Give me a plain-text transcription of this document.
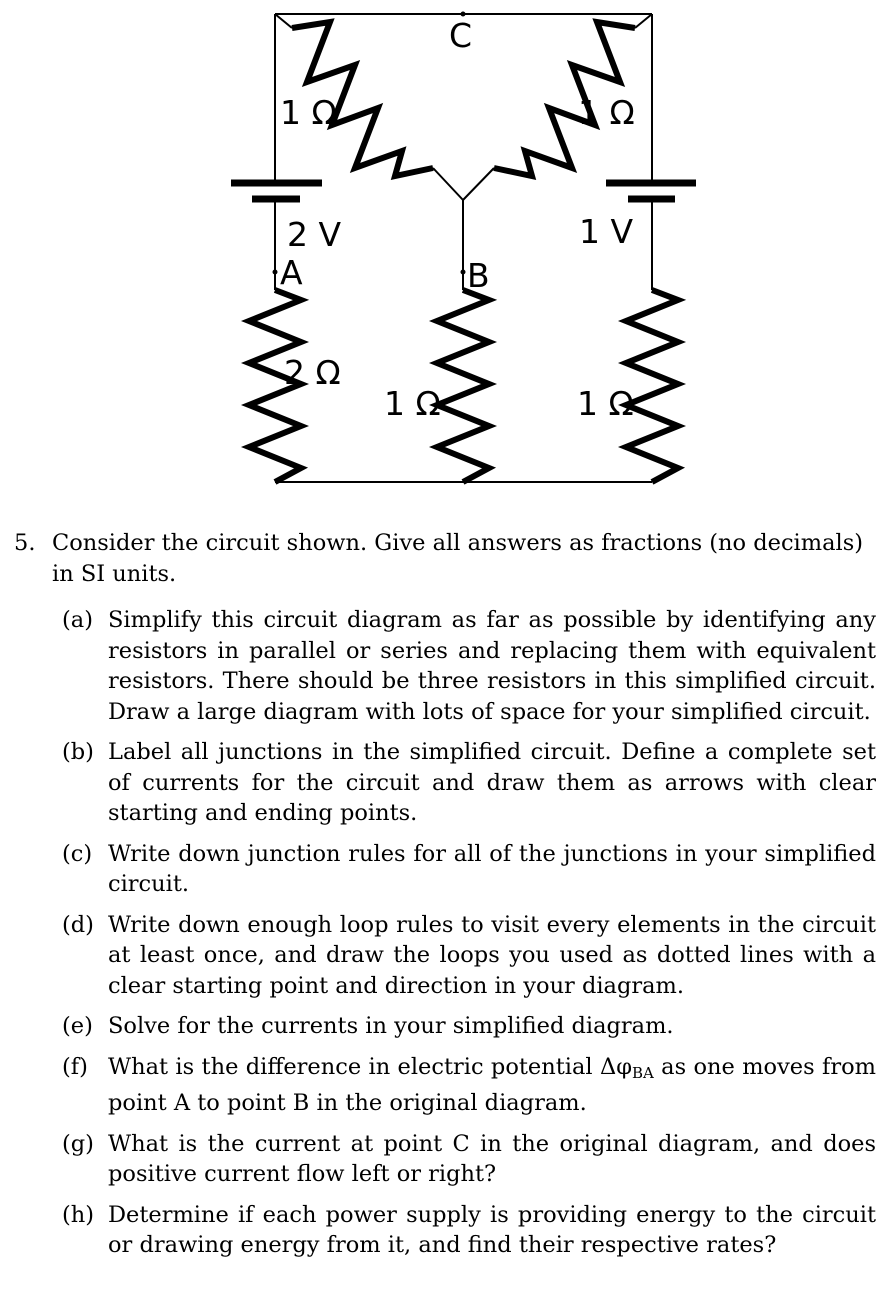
C
1 Ω	1 Ω
2 V	1 V
A	B
2 Ω
1 Ω	1 Ω
5. Consider the circuit shown. Give all answers as fractions (no decimals) in SI units.
(a) Simplify this circuit diagram as far as possible by identifying any resistors in parallel or series and replacing them with equivalent resistors. There should be three resistors in this simplified circuit. Draw a large diagram with lots of space for your simplified circuit.
(b) Label all junctions in the simplified circuit. Define a complete set of currents for the circuit and draw them as arrows with clear starting and ending points.
(c) Write down junction rules for all of the junctions in your simplified circuit.
(d) Write down enough loop rules to visit every elements in the circuit at least once, and draw the loops you used as dotted lines with a clear starting point and direction in your diagram.
(e) Solve for the currents in your simplified diagram.
(f) What is the difference in electric potential $\Delta\varphi_{BA}$ as one moves from point A to point B in the original diagram.
(g) What is the current at point C in the original diagram, and does positive current flow left or right?
(h) Determine if each power supply is providing energy to the circuit or drawing energy from it, and find their respective rates?
